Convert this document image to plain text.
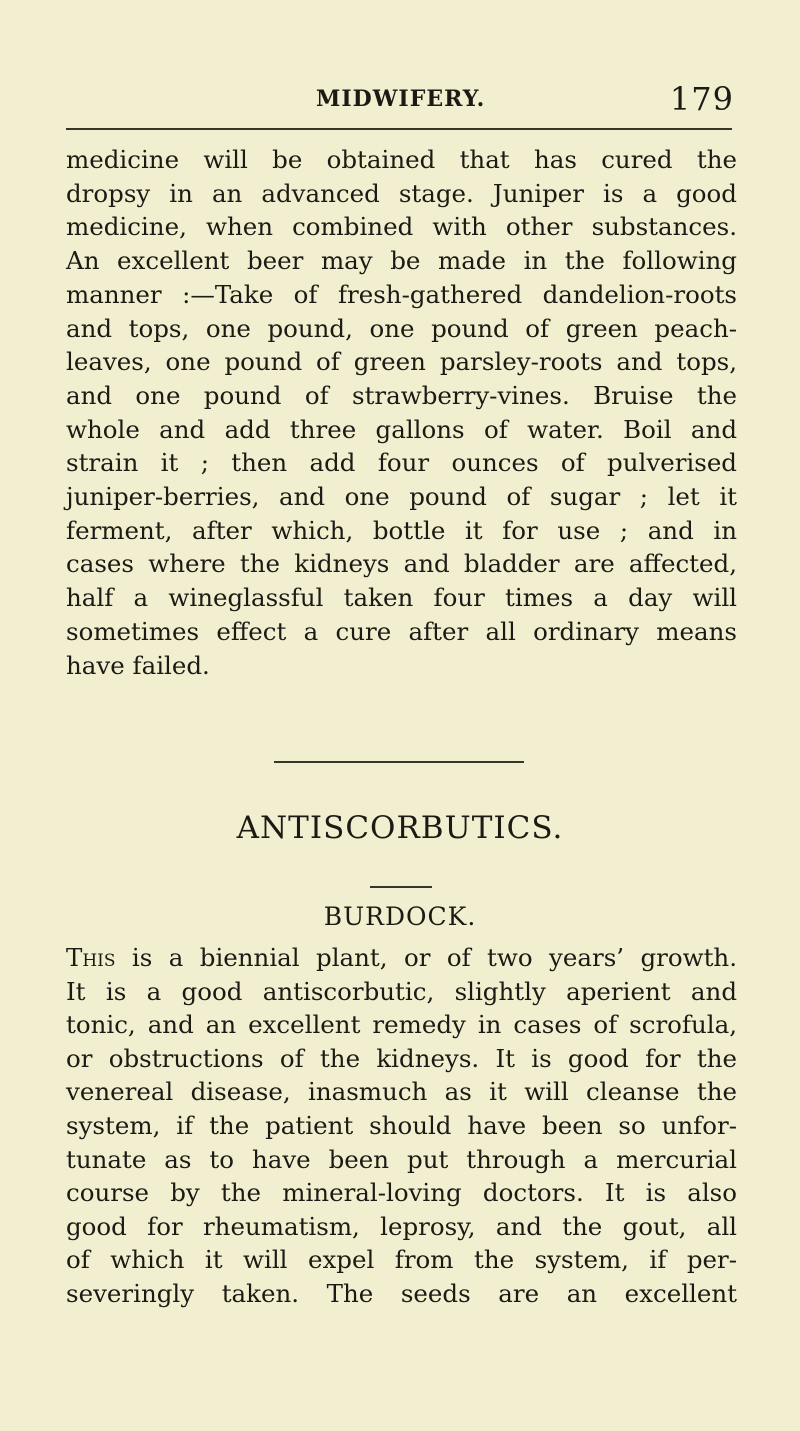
MIDWIFERY.	179

medicine will be obtained that has cured the
dropsy in an advanced stage. Juniper is a good
medicine, when combined with other substances.
An excellent beer may be made in the following
manner :—Take of fresh-gathered dandelion-roots
and tops, one pound, one pound of green peach-
leaves, one pound of green parsley-roots and tops,
and one pound of strawberry-vines. Bruise the
whole and add three gallons of water. Boil and
strain it ; then add four ounces of pulverised
juniper-berries, and one pound of sugar ; let it
ferment, after which, bottle it for use ; and in
cases where the kidneys and bladder are affected,
half a wineglassful taken four times a day will
sometimes effect a cure after all ordinary means
have failed.

ANTISCORBUTICS.
BURDOCK.

This is a biennial plant, or of two years’ growth.
It is a good antiscorbutic, slightly aperient and
tonic, and an excellent remedy in cases of scrofula,
or obstructions of the kidneys. It is good for the
venereal disease, inasmuch as it will cleanse the
system, if the patient should have been so unfor-
tunate as to have been put through a mercurial
course by the mineral-loving doctors. It is also
good for rheumatism, leprosy, and the gout, all
of which it will expel from the system, if per-
severingly taken. The seeds are an excellent
